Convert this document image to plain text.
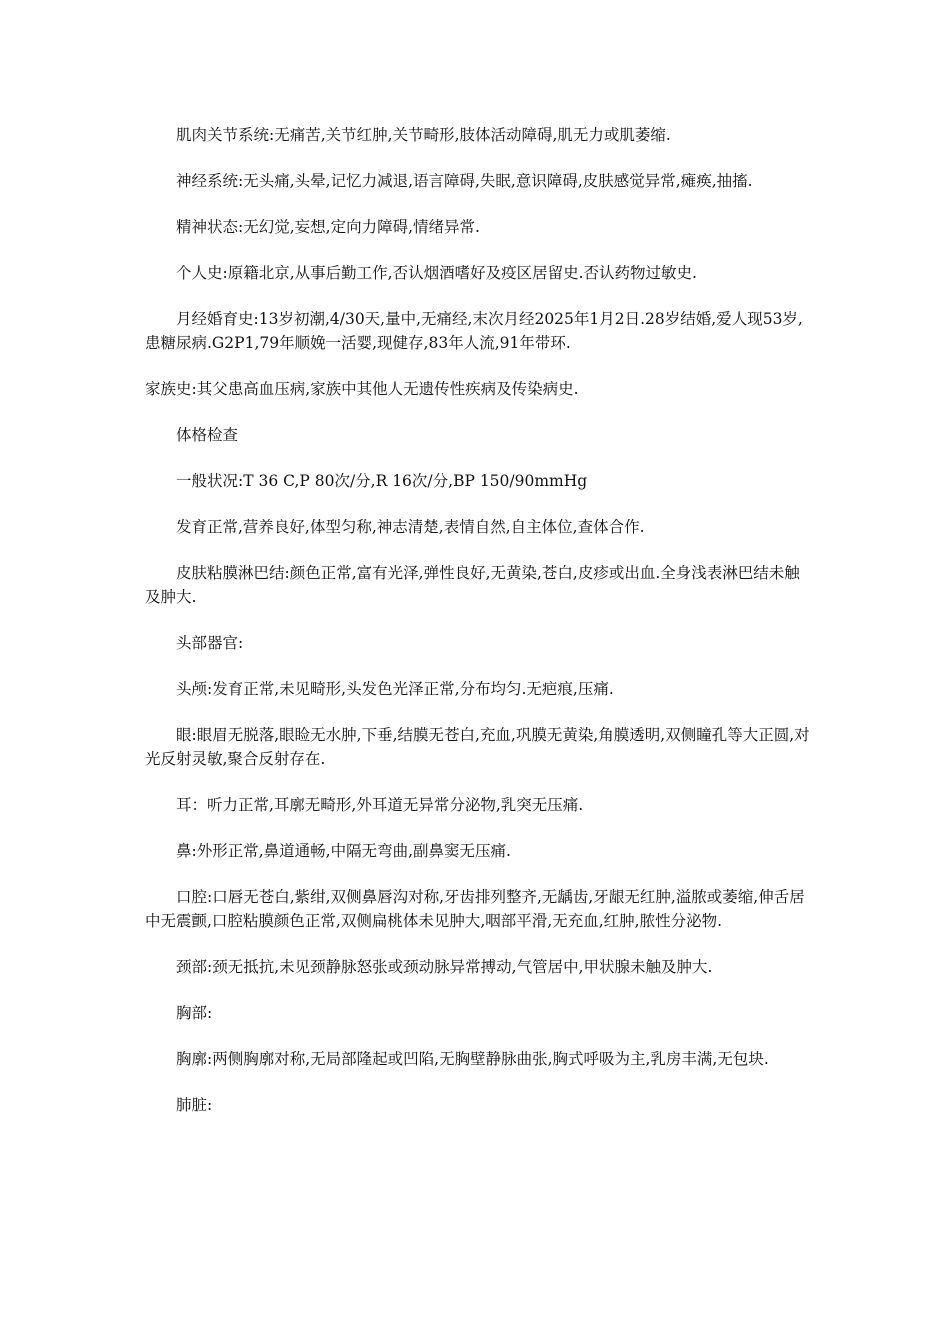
肌肉关节系统:无痛苦,关节红肿,关节畸形,肢体活动障碍,肌无力或肌萎缩.

神经系统:无头痛,头晕,记忆力减退,语言障碍,失眠,意识障碍,皮肤感觉异常,瘫痪,抽搐.

精神状态:无幻觉,妄想,定向力障碍,情绪异常.

个人史:原籍北京,从事后勤工作,否认烟酒嗜好及疫区居留史.否认药物过敏史.

月经婚育史:13岁初潮,4/30天,量中,无痛经,末次月经2025年1月2日.28岁结婚,爱人现53岁,患糖尿病.G2P1,79年顺娩一活婴,现健存,83年人流,91年带环.

家族史:其父患高血压病,家族中其他人无遗传性疾病及传染病史.

体格检查

一般状况:T 36 C,P 80次/分,R 16次/分,BP 150/90mmHg

发育正常,营养良好,体型匀称,神志清楚,表情自然,自主体位,查体合作.

皮肤粘膜淋巴结:颜色正常,富有光泽,弹性良好,无黄染,苍白,皮疹或出血.全身浅表淋巴结未触及肿大.

头部器官:

头颅:发育正常,未见畸形,头发色光泽正常,分布均匀.无疤痕,压痛.

眼:眼眉无脱落,眼睑无水肿,下垂,结膜无苍白,充血,巩膜无黄染,角膜透明,双侧瞳孔等大正圆,对光反射灵敏,聚合反射存在.

耳：听力正常,耳廓无畸形,外耳道无异常分泌物,乳突无压痛.

鼻:外形正常,鼻道通畅,中隔无弯曲,副鼻窦无压痛.

口腔:口唇无苍白,紫绀,双侧鼻唇沟对称,牙齿排列整齐,无龋齿,牙龈无红肿,溢脓或萎缩,伸舌居中无震颤,口腔粘膜颜色正常,双侧扁桃体未见肿大,咽部平滑,无充血,红肿,脓性分泌物.

颈部:颈无抵抗,未见颈静脉怒张或颈动脉异常搏动,气管居中,甲状腺未触及肿大.

胸部:

胸廓:两侧胸廓对称,无局部隆起或凹陷,无胸壁静脉曲张,胸式呼吸为主,乳房丰满,无包块.

肺脏:
